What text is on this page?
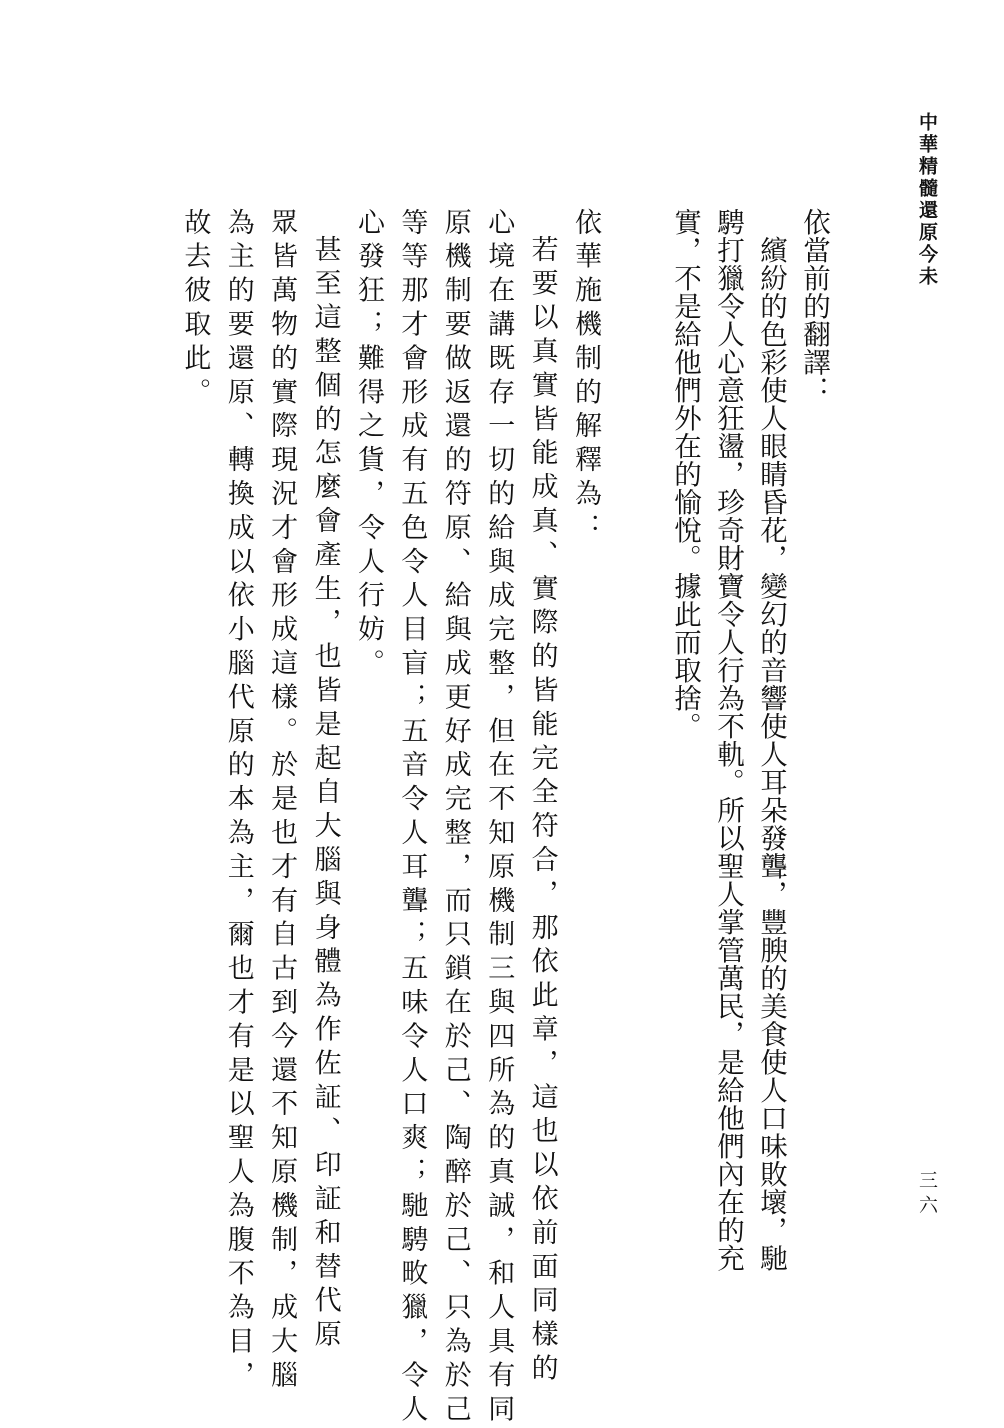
中華精髓還原今未
三六
依當前的翻譯：
繽紛的色彩使人眼睛昏花，變幻的音響使人耳朵發聾，豐腴的美食使人口味敗壞，馳
騁打獵令人心意狂盪，珍奇財寶令人行為不軌。所以聖人掌管萬民，是給他們內在的充
實，不是給他們外在的愉悅。據此而取捨。
依華施機制的解釋為：
若要以真實皆能成真、實際的皆能完全符合，那依此章，這也以依前面同樣的
心境在講既存一切的給與成完整，但在不知原機制三與四所為的真誠，和人具有同
原機制要做返還的符原、給與成更好成完整，而只鎖在於己、陶醉於己、只為於己
等等那才會形成有五色令人目盲；五音令人耳聾；五味令人口爽；馳騁畋獵，令人
心發狂；難得之貨，令人行妨。
甚至這整個的怎麼會產生，也皆是起自大腦與身體為作佐証、印証和替代原
眾皆萬物的實際現況才會形成這樣。於是也才有自古到今還不知原機制，成大腦
為主的要還原、轉換成以依小腦代原的本為主，爾也才有是以聖人為腹不為目，
故去彼取此。
